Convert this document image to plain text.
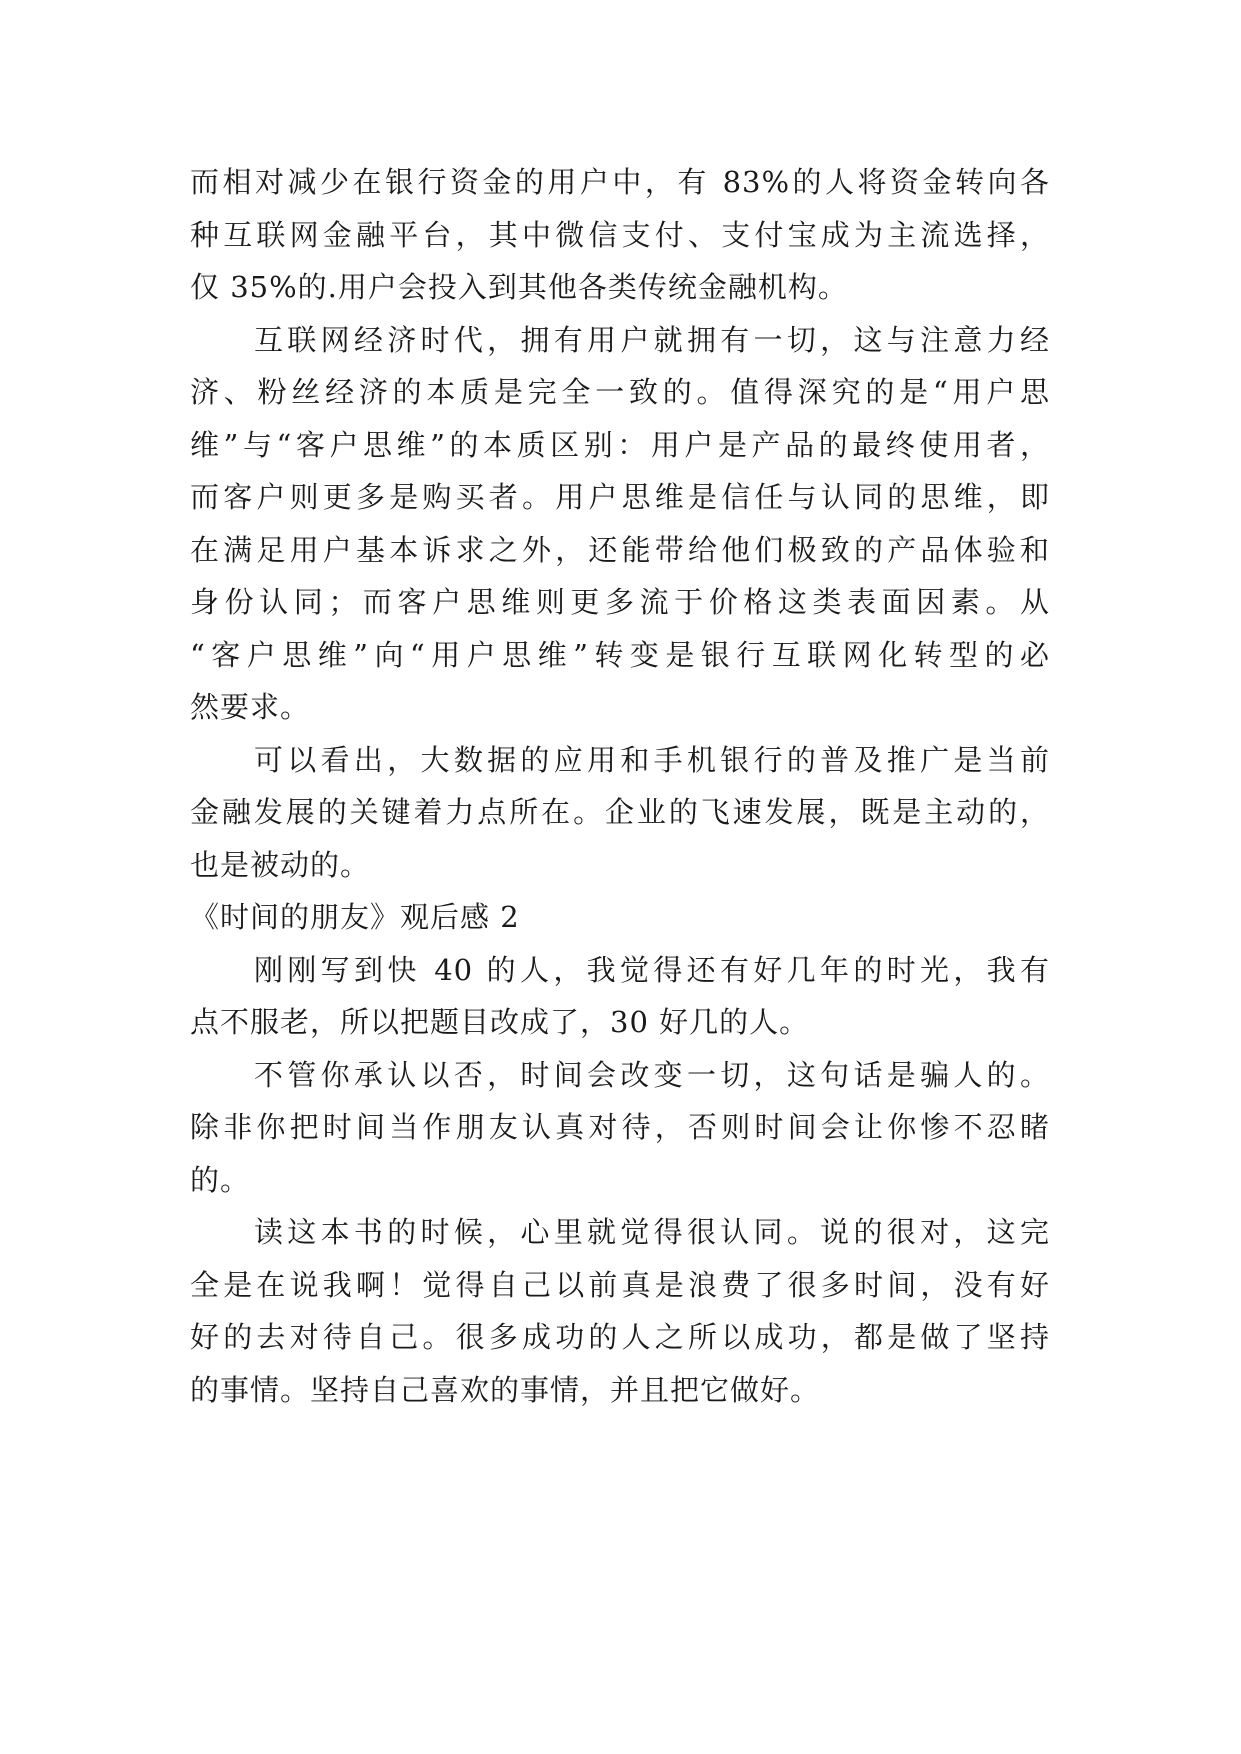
而相对减少在银行资金的用户中，有 83%的人将资金转向各
种互联网金融平台，其中微信支付、支付宝成为主流选择，
仅 35%的.用户会投入到其他各类传统金融机构。
互联网经济时代，拥有用户就拥有一切，这与注意力经
济、粉丝经济的本质是完全一致的。值得深究的是“用户思
维”与“客户思维”的本质区别：用户是产品的最终使用者，
而客户则更多是购买者。用户思维是信任与认同的思维，即
在满足用户基本诉求之外，还能带给他们极致的产品体验和
身份认同；而客户思维则更多流于价格这类表面因素。从
“客户思维”向“用户思维”转变是银行互联网化转型的必
然要求。
可以看出，大数据的应用和手机银行的普及推广是当前
金融发展的关键着力点所在。企业的飞速发展，既是主动的，
也是被动的。
《时间的朋友》观后感 2
刚刚写到快 40 的人，我觉得还有好几年的时光，我有
点不服老，所以把题目改成了，30 好几的人。
不管你承认以否，时间会改变一切，这句话是骗人的。
除非你把时间当作朋友认真对待，否则时间会让你惨不忍睹
的。
读这本书的时候，心里就觉得很认同。说的很对，这完
全是在说我啊！觉得自己以前真是浪费了很多时间，没有好
好的去对待自己。很多成功的人之所以成功，都是做了坚持
的事情。坚持自己喜欢的事情，并且把它做好。
